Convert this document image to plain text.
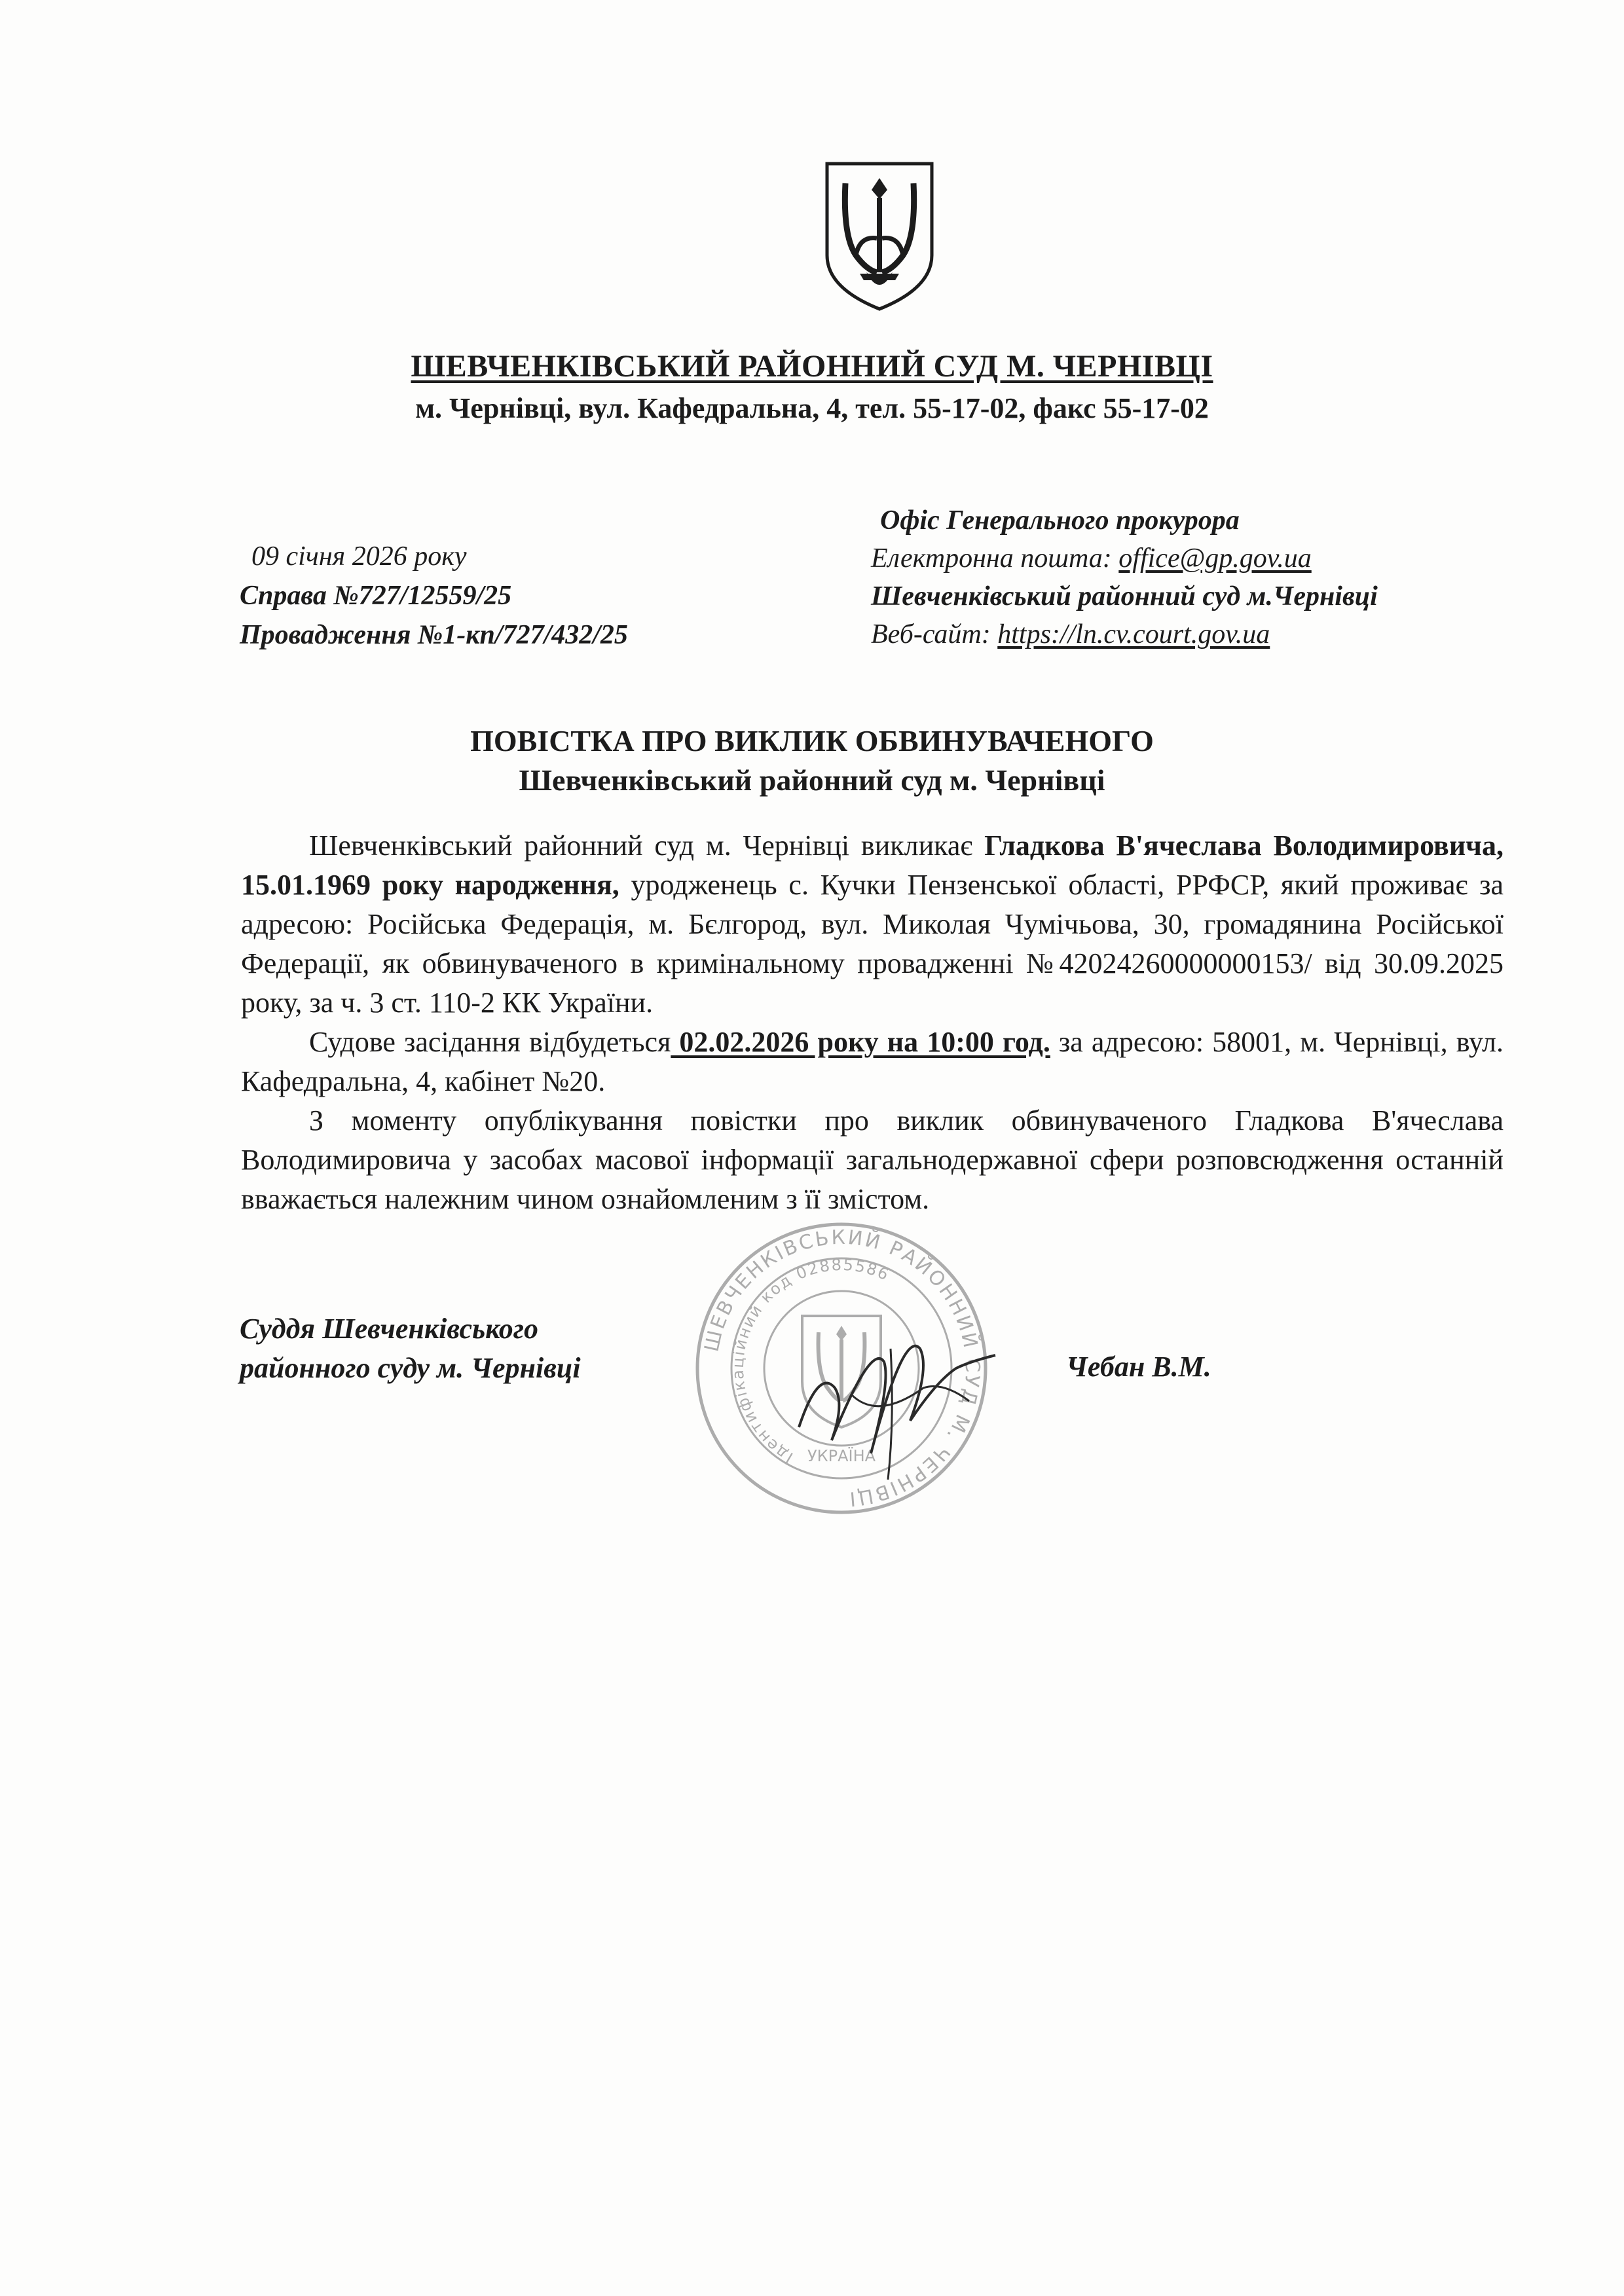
ШЕВЧЕНКІВСЬКИЙ РАЙОННИЙ СУД М. ЧЕРНІВЦІ
м. Чернівці, вул. Кафедральна, 4, тел. 55-17-02, факс 55-17-02
09 січня 2026 року
Справа №727/12559/25
Провадження №1-кп/727/432/25
Офіс Генерального прокурора
Електронна пошта: office@gp.gov.ua
Шевченківський районний суд м.Чернівці
Веб-сайт: https://ln.cv.court.gov.ua
ПОВІСТКА ПРО ВИКЛИК ОБВИНУВАЧЕНОГО
Шевченківський районний суд м. Чернівці

Шевченківський районний суд м. Чернівці викликає Гладкова В'ячеслава Володимировича, 15.01.1969 року народження, уродженець с. Кучки Пензенської області, РРФСР, який проживає за адресою: Російська Федерація, м. Бєлгород, вул. Миколая Чумічьова, 30, громадянина Російської Федерації, як обвинуваченого в кримінальному провадженні №42024260000000153/ від 30.09.2025 року, за ч. 3 ст. 110-2 КК України.

Судове засідання відбудеться 02.02.2026 року на 10:00 год. за адресою: 58001, м. Чернівці, вул. Кафедральна, 4, кабінет №20.

З моменту опублікування повістки про виклик обвинуваченого Гладкова В'ячеслава Володимировича у засобах масової інформації загальнодержавної сфери розповсюдження останній вважається належним чином ознайомленим з її змістом.

ШЕВЧЕНКІВСЬКИЙ РАЙОННИЙ СУД М. ЧЕРНІВЦІ
Ідентифікаційний код 02885586
УКРАЇНА
Суддя Шевченківського
районного суду м. Чернівці	Чебан В.М.
